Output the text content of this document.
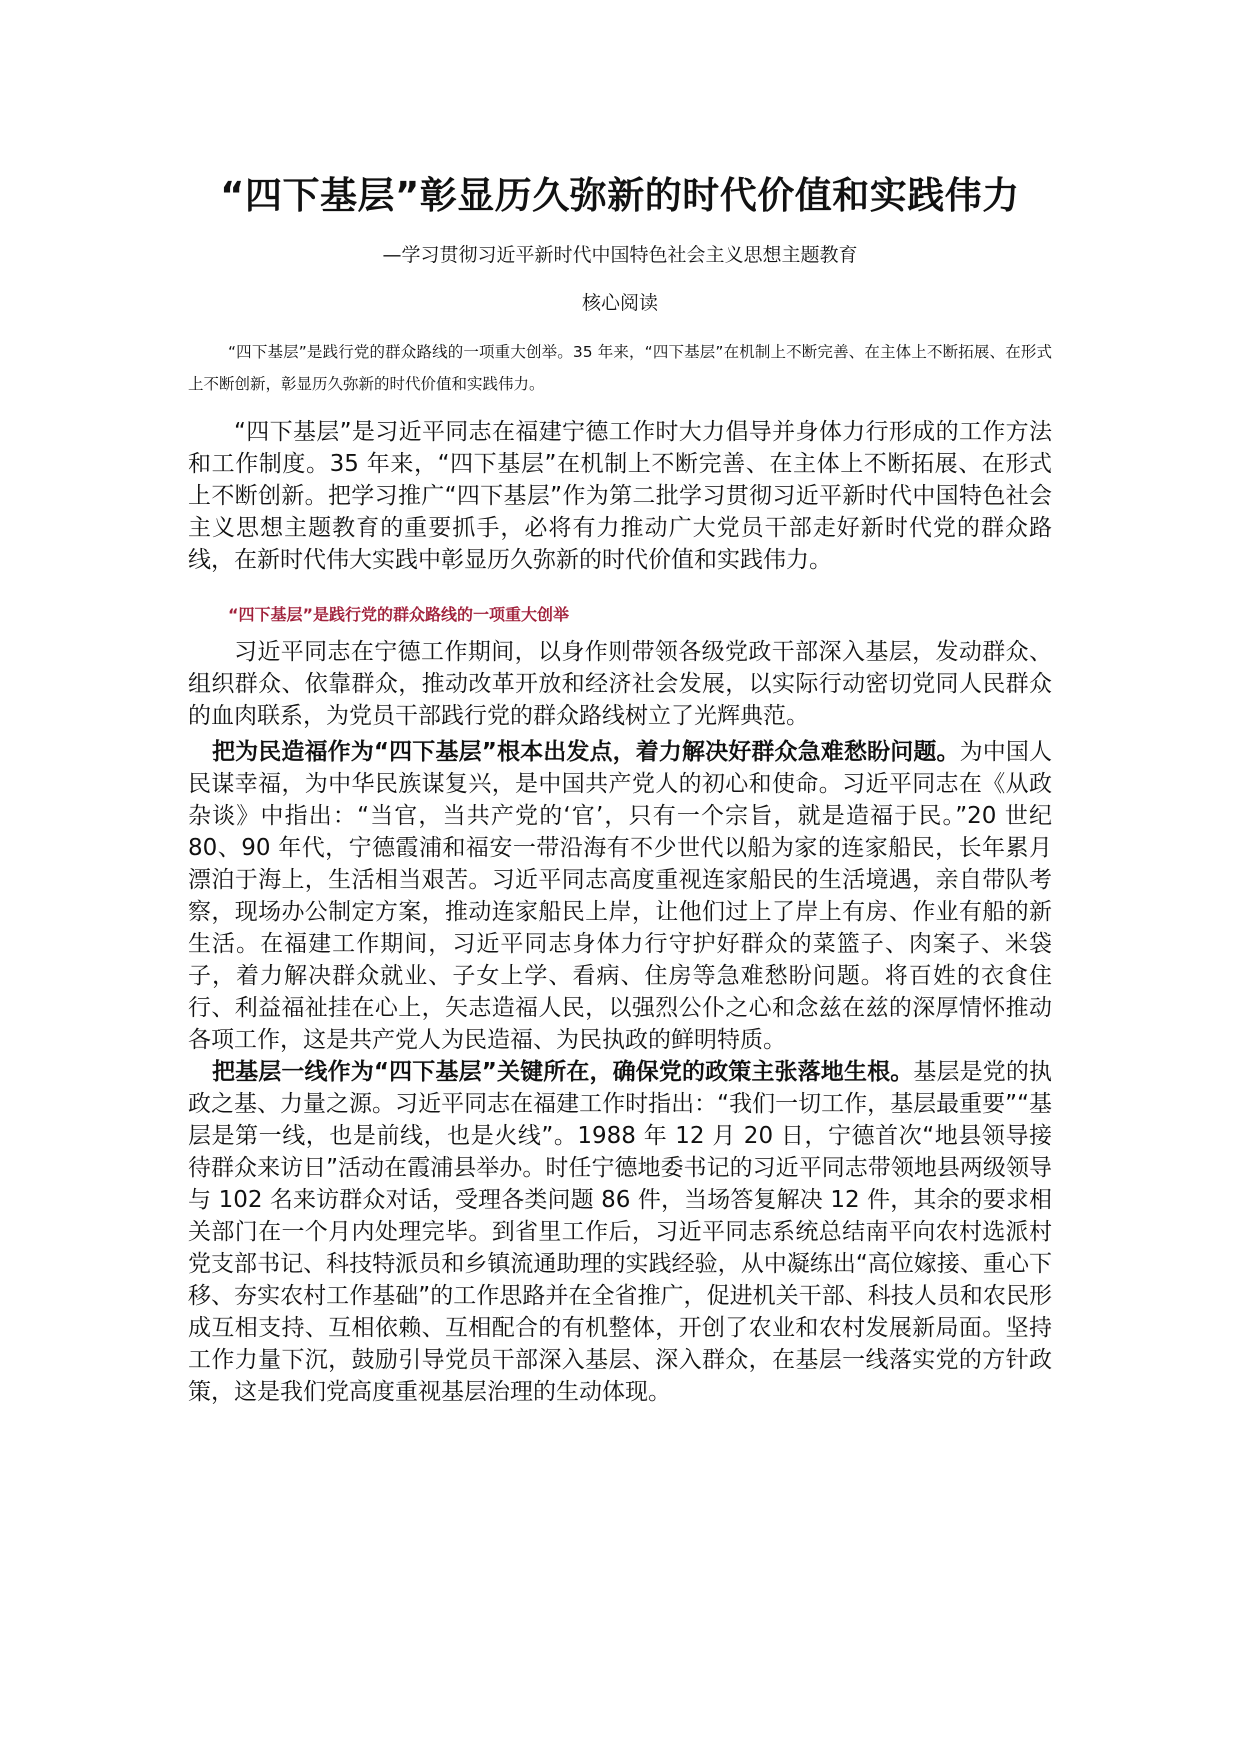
“四下基层”彰显历久弥新的时代价值和实践伟力

—学习贯彻习近平新时代中国特色社会主义思想主题教育

核心阅读

“四下基层”是践行党的群众路线的一项重大创举。35 年来，“四下基层”在机制上不断完善、在主体上不断拓展、在形式上不断创新，彰显历久弥新的时代价值和实践伟力。

“四下基层”是习近平同志在福建宁德工作时大力倡导并身体力行形成的工作方法和工作制度。35 年来，“四下基层”在机制上不断完善、在主体上不断拓展、在形式上不断创新。把学习推广“四下基层”作为第二批学习贯彻习近平新时代中国特色社会主义思想主题教育的重要抓手，必将有力推动广大党员干部走好新时代党的群众路线，在新时代伟大实践中彰显历久弥新的时代价值和实践伟力。

“四下基层”是践行党的群众路线的一项重大创举

习近平同志在宁德工作期间，以身作则带领各级党政干部深入基层，发动群众、组织群众、依靠群众，推动改革开放和经济社会发展，以实际行动密切党同人民群众的血肉联系，为党员干部践行党的群众路线树立了光辉典范。

把为民造福作为“四下基层”根本出发点，着力解决好群众急难愁盼问题。为中国人民谋幸福，为中华民族谋复兴，是中国共产党人的初心和使命。习近平同志在《从政杂谈》中指出：“当官，当共产党的‘官’，只有一个宗旨，就是造福于民。”20 世纪 80、90 年代，宁德霞浦和福安一带沿海有不少世代以船为家的连家船民，长年累月漂泊于海上，生活相当艰苦。习近平同志高度重视连家船民的生活境遇，亲自带队考察，现场办公制定方案，推动连家船民上岸，让他们过上了岸上有房、作业有船的新生活。在福建工作期间，习近平同志身体力行守护好群众的菜篮子、肉案子、米袋子，着力解决群众就业、子女上学、看病、住房等急难愁盼问题。将百姓的衣食住行、利益福祉挂在心上，矢志造福人民，以强烈公仆之心和念兹在兹的深厚情怀推动各项工作，这是共产党人为民造福、为民执政的鲜明特质。

把基层一线作为“四下基层”关键所在，确保党的政策主张落地生根。基层是党的执政之基、力量之源。习近平同志在福建工作时指出：“我们一切工作，基层最重要”“基层是第一线，也是前线，也是火线”。1988 年 12 月 20 日，宁德首次“地县领导接待群众来访日”活动在霞浦县举办。时任宁德地委书记的习近平同志带领地县两级领导与 102 名来访群众对话，受理各类问题 86 件，当场答复解决 12 件，其余的要求相关部门在一个月内处理完毕。到省里工作后，习近平同志系统总结南平向农村选派村党支部书记、科技特派员和乡镇流通助理的实践经验，从中凝练出“高位嫁接、重心下移、夯实农村工作基础”的工作思路并在全省推广，促进机关干部、科技人员和农民形成互相支持、互相依赖、互相配合的有机整体，开创了农业和农村发展新局面。坚持工作力量下沉，鼓励引导党员干部深入基层、深入群众，在基层一线落实党的方针政策，这是我们党高度重视基层治理的生动体现。
